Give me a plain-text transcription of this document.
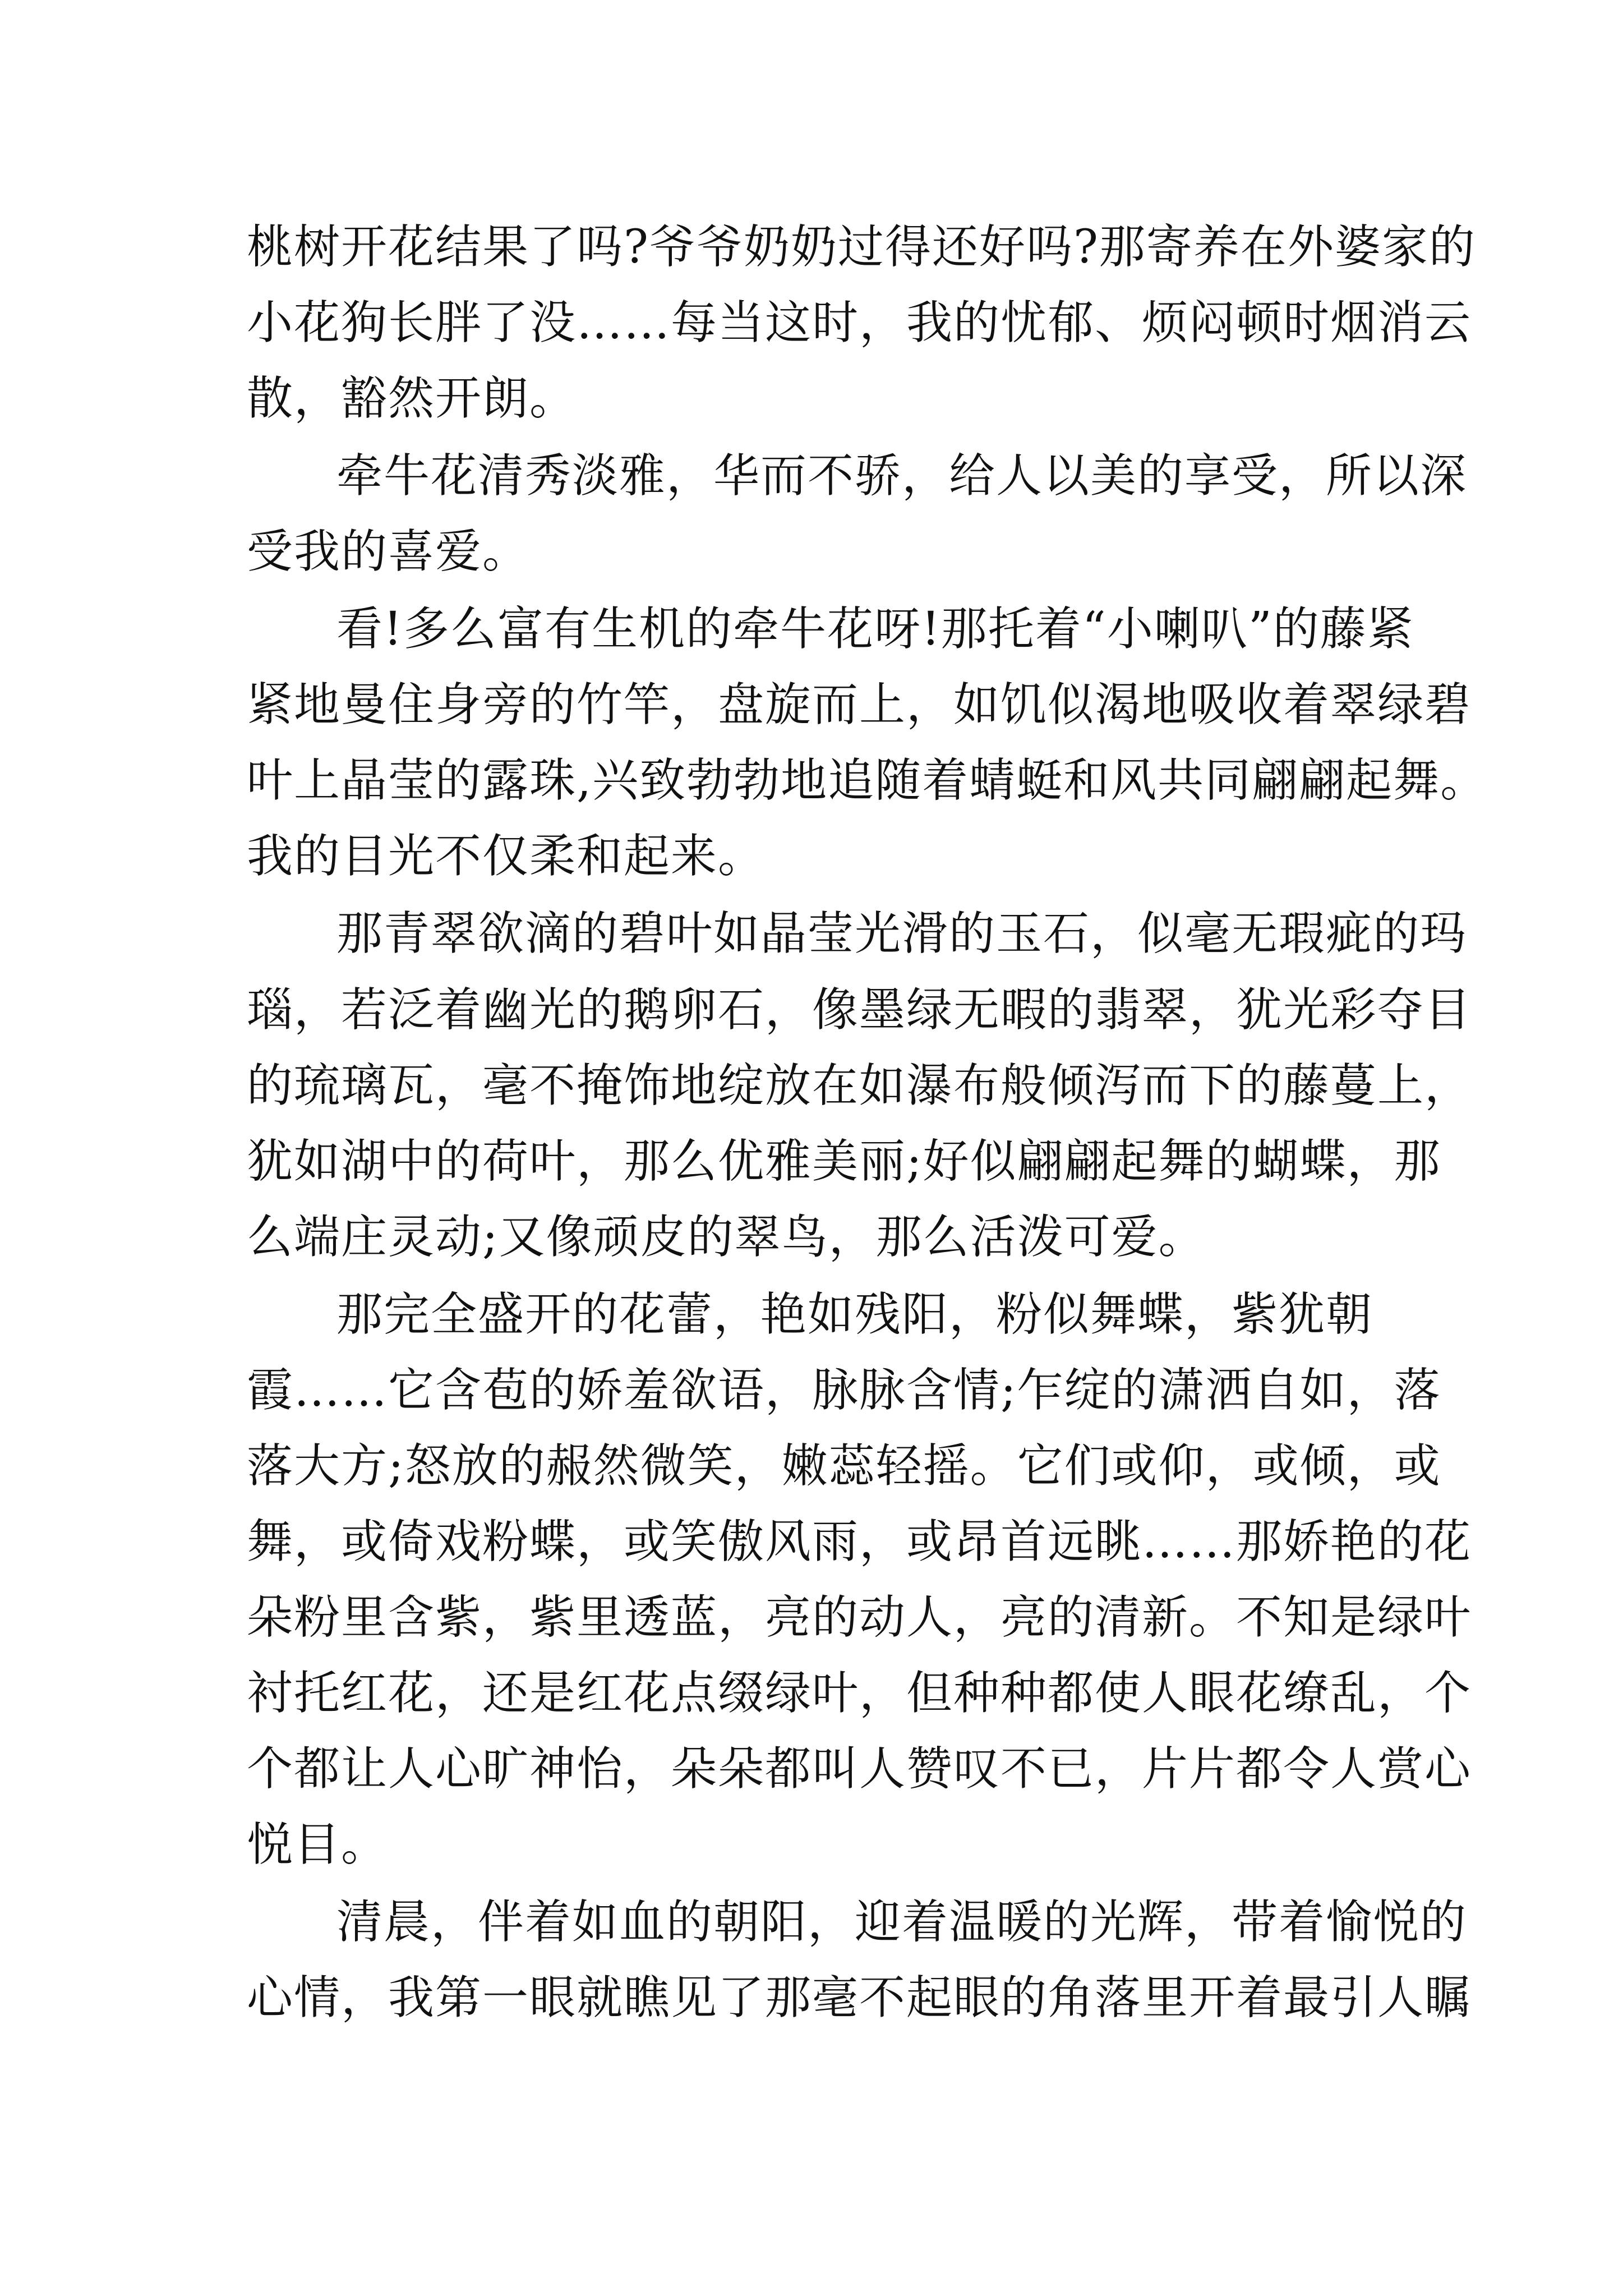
桃树开花结果了吗?爷爷奶奶过得还好吗?那寄养在外婆家的
小花狗长胖了没……每当这时，我的忧郁、烦闷顿时烟消云
散，豁然开朗。
牵牛花清秀淡雅，华而不骄，给人以美的享受，所以深
受我的喜爱。
看!多么富有生机的牵牛花呀!那托着“小喇叭”的藤紧
紧地曼住身旁的竹竿，盘旋而上，如饥似渴地吸收着翠绿碧
叶上晶莹的露珠,兴致勃勃地追随着蜻蜓和风共同翩翩起舞。
我的目光不仅柔和起来。
那青翠欲滴的碧叶如晶莹光滑的玉石，似毫无瑕疵的玛
瑙，若泛着幽光的鹅卵石，像墨绿无暇的翡翠，犹光彩夺目
的琉璃瓦，毫不掩饰地绽放在如瀑布般倾泻而下的藤蔓上，
犹如湖中的荷叶，那么优雅美丽;好似翩翩起舞的蝴蝶，那
么端庄灵动;又像顽皮的翠鸟，那么活泼可爱。
那完全盛开的花蕾，艳如残阳，粉似舞蝶，紫犹朝
霞……它含苞的娇羞欲语，脉脉含情;乍绽的潇洒自如，落
落大方;怒放的赧然微笑，嫩蕊轻摇。它们或仰，或倾，或
舞，或倚戏粉蝶，或笑傲风雨，或昂首远眺……那娇艳的花
朵粉里含紫，紫里透蓝，亮的动人，亮的清新。不知是绿叶
衬托红花，还是红花点缀绿叶，但种种都使人眼花缭乱，个
个都让人心旷神怡，朵朵都叫人赞叹不已，片片都令人赏心
悦目。
清晨，伴着如血的朝阳，迎着温暖的光辉，带着愉悦的
心情，我第一眼就瞧见了那毫不起眼的角落里开着最引人瞩
